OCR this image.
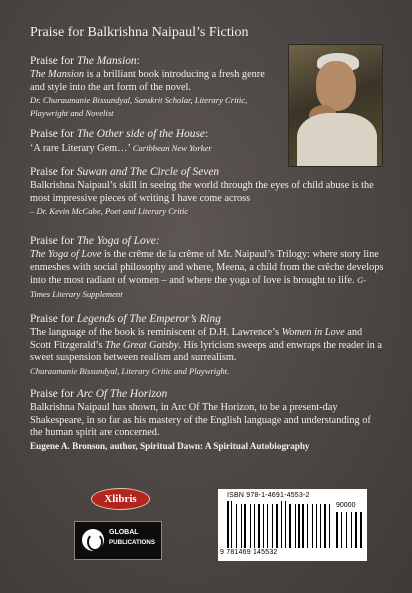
Praise for Balkrishna Naipaul’s Fiction

Praise for The Mansion:

The Mansion is a brilliant book introducing a fresh genre and style into the art form of the novel.

Dr. Churaumanie Bissundyal, Sanskrit Scholar, Literary Critic, Playwright and Novelist

Praise for The Other side of the House:

‘A rare Literary Gem…’ Caribbean New Yorker

Praise for Suwan and The Circle of Seven

Balkrishna Naipaul’s skill in seeing the world through the eyes of child abuse is the most impressive pieces of writing I have come across

– Dr. Kevin McCabe, Poet and Literary Critic

Praise for The Yoga of Love:

The Yoga of Love is the crême de la crême of Mr. Naipaul’s Trilogy: where story line enmeshes with social philosophy and where, Meena, a child from the crêche develops into the most radiant of women – and where the yoga of love is brought to life. G-Times Literary Supplement

Praise for Legends of The Emperor’s Ring

The language of the book is reminiscent of D.H. Lawrence’s Women in Love and Scott Fitzgerald’s The Great Gatsby. His lyricism sweeps and enwraps the reader in a sweet suspension between realism and surrealism.

Churaumanie Bissundyal, Literary Critic and Playwright.

Praise for Arc Of The Horizon

Balkrishna Naipaul has shown, in Arc Of The Horizon, to be a present-day Shakespeare, in so far as his mastery of the English language and understanding of the human spirit are concerned.

Eugene A. Bronson, author, Spiritual Dawn: A Spiritual Autobiography

Xlibris
GLOBAL
PUBLICATIONS
ISBN 978-1-4691-4553-2
90000
9 781469 145532
